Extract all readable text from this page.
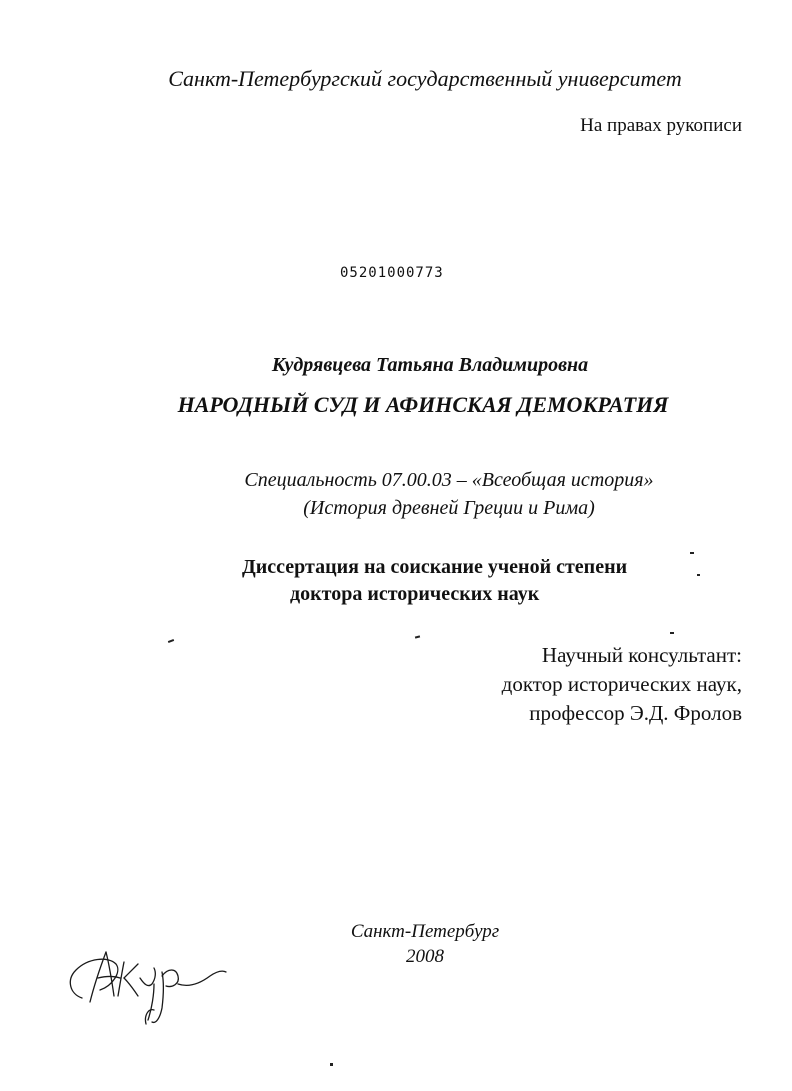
Санкт-Петербургский государственный университет
На правах рукописи
05201000773
Кудрявцева Татьяна Владимировна
НАРОДНЫЙ СУД И АФИНСКАЯ ДЕМОКРАТИЯ
Специальность 07.00.03 – «Всеобщая история»
(История древней Греции и Рима)
Диссертация на соискание ученой степени
доктора исторических наук
Научный консультант:
доктор исторических наук,
профессор Э.Д. Фролов
Санкт-Петербург
2008
